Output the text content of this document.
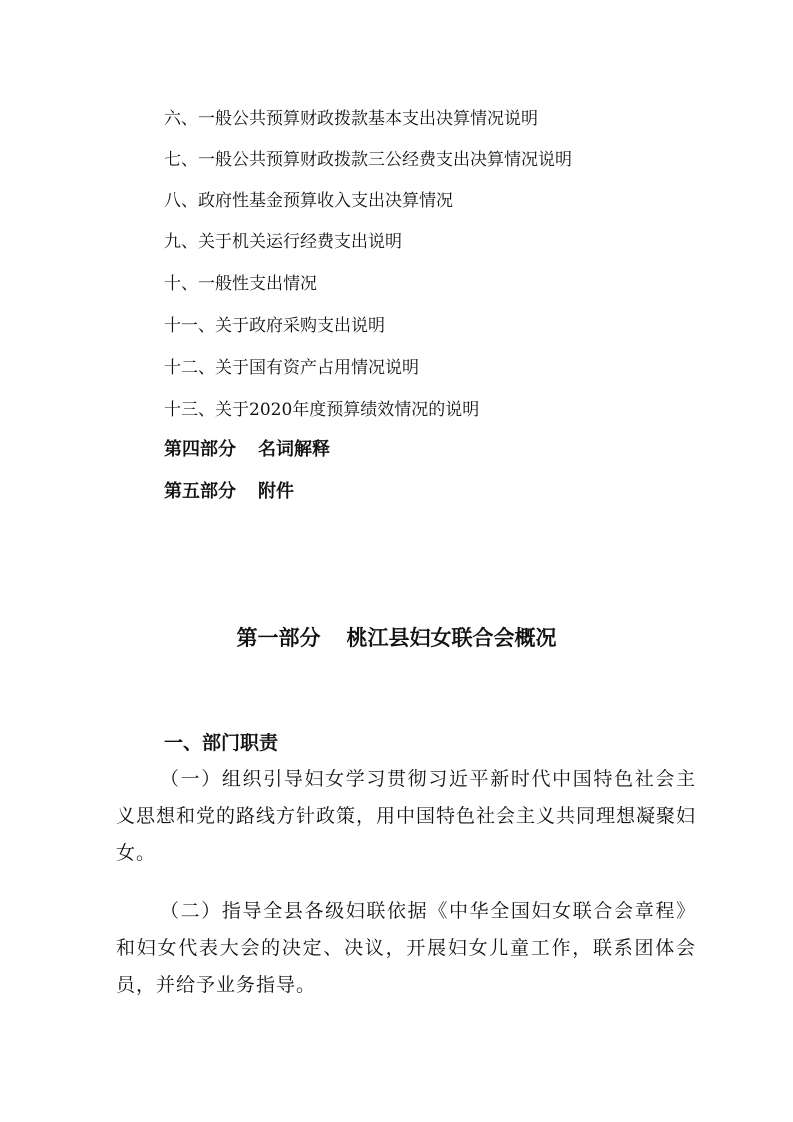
六、一般公共预算财政拨款基本支出决算情况说明
七、一般公共预算财政拨款三公经费支出决算情况说明
八、政府性基金预算收入支出决算情况
九、关于机关运行经费支出说明
十、一般性支出情况
十一、关于政府采购支出说明
十二、关于国有资产占用情况说明
十三、关于2020年度预算绩效情况的说明
第四部分 名词解释
第五部分 附件
第一部分 桃江县妇女联合会概况
一、部门职责

（一）组织引导妇女学习贯彻习近平新时代中国特色社会主义思想和党的路线方针政策，用中国特色社会主义共同理想凝聚妇女。

（二）指导全县各级妇联依据《中华全国妇女联合会章程》和妇女代表大会的决定、决议，开展妇女儿童工作，联系团体会员，并给予业务指导。
